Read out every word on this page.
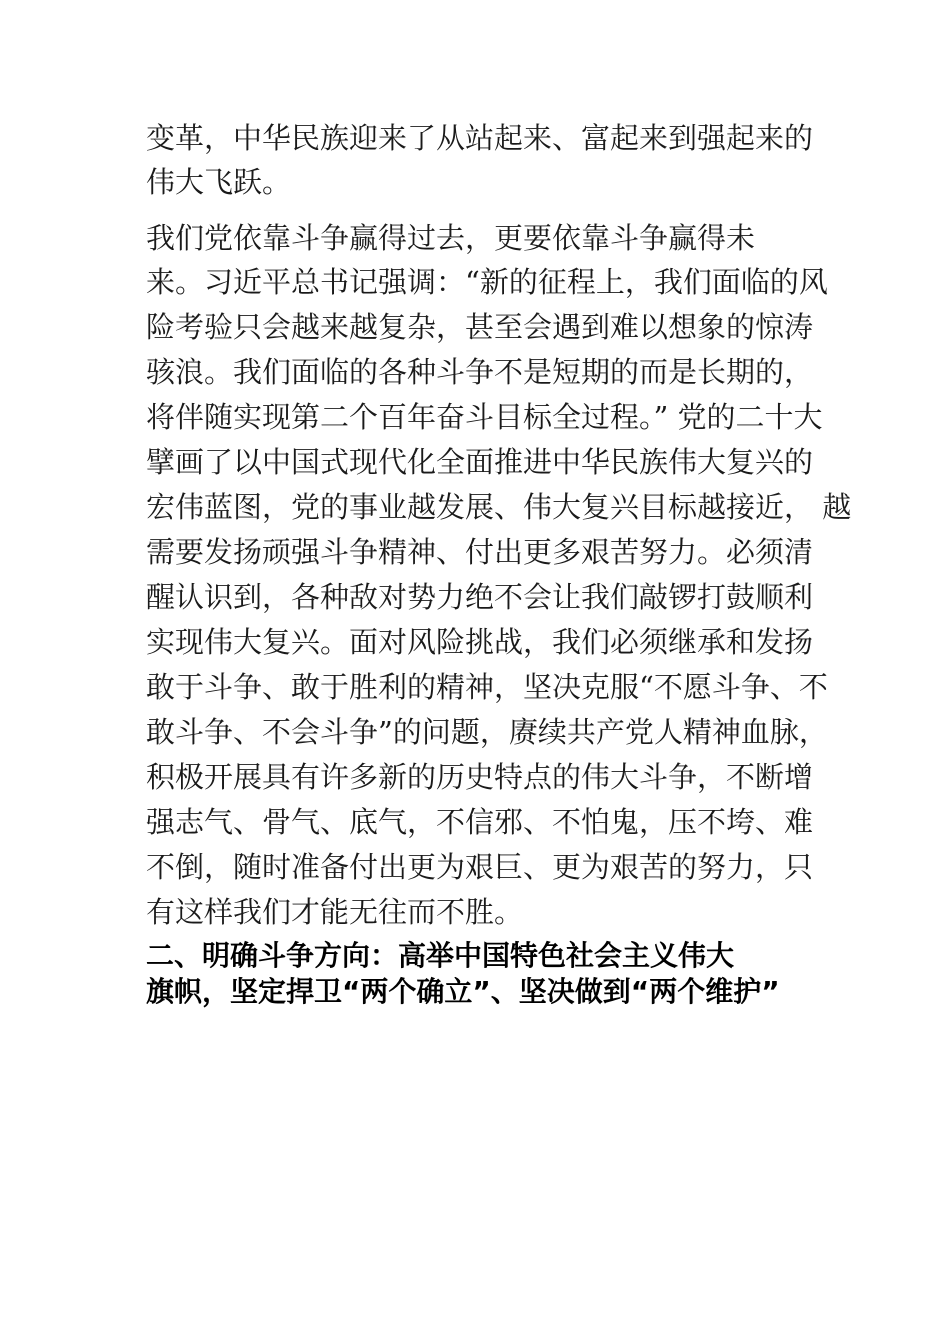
变革，中华民族迎来了从站起来、富起来到强起来的
伟大飞跃。
我们党依靠斗争赢得过去，更要依靠斗争赢得未
来。习近平总书记强调：“新的征程上，我们面临的风
险考验只会越来越复杂，甚至会遇到难以想象的惊涛
骇浪。我们面临的各种斗争不是短期的而是长期的，
将伴随实现第二个百年奋斗目标全过程。” 党的二十大
擘画了以中国式现代化全面推进中华民族伟大复兴的
宏伟蓝图，党的事业越发展、伟大复兴目标越接近， 越
需要发扬顽强斗争精神、付出更多艰苦努力。必须清
醒认识到，各种敌对势力绝不会让我们敲锣打鼓顺利
实现伟大复兴。面对风险挑战，我们必须继承和发扬
敢于斗争、敢于胜利的精神，坚决克服“不愿斗争、不
敢斗争、不会斗争”的问题，赓续共产党人精神血脉，
积极开展具有许多新的历史特点的伟大斗争，不断增
强志气、骨气、底气，不信邪、不怕鬼，压不垮、难
不倒，随时准备付出更为艰巨、更为艰苦的努力，只
有这样我们才能无往而不胜。
二、明确斗争方向：高举中国特色社会主义伟大
旗帜，坚定捍卫“两个确立”、坚决做到“两个维护”
